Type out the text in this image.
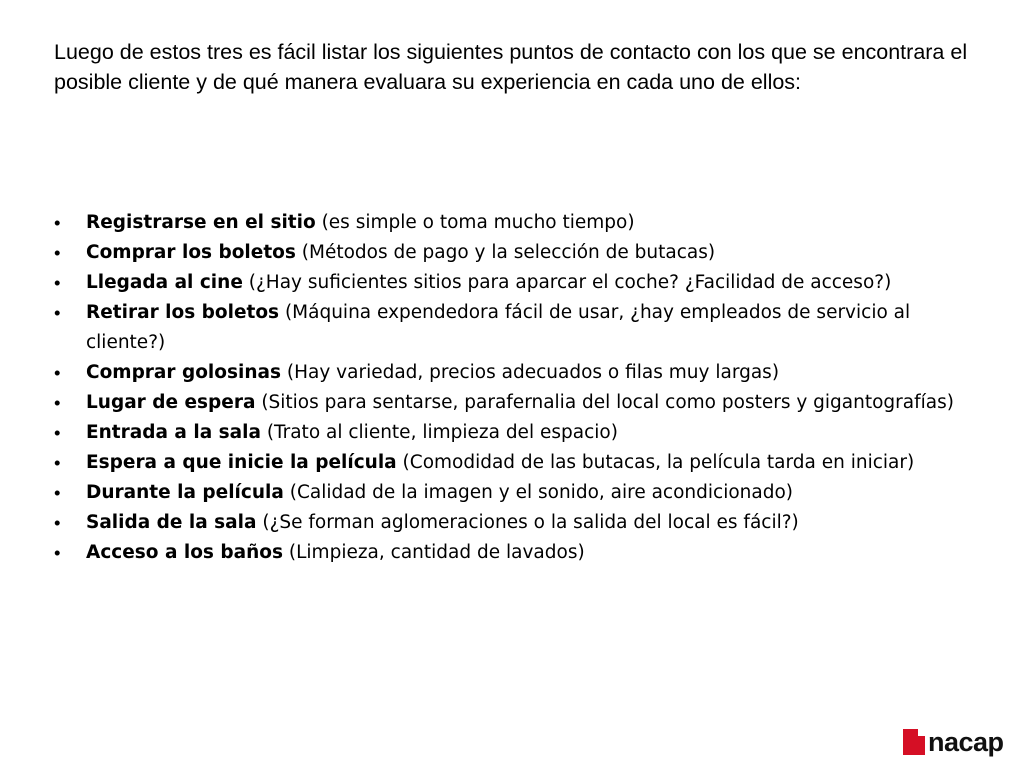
Luego de estos tres es fácil listar los siguientes puntos de contacto con los que se encontrara el posible cliente y de qué manera evaluara su experiencia en cada uno de ellos:

• Registrarse en el sitio (es simple o toma mucho tiempo)
• Comprar los boletos (Métodos de pago y la selección de butacas)
• Llegada al cine (¿Hay suficientes sitios para aparcar el coche? ¿Facilidad de acceso?)
• Retirar los boletos (Máquina expendedora fácil de usar, ¿hay empleados de servicio al cliente?)
• Comprar golosinas (Hay variedad, precios adecuados o filas muy largas)
• Lugar de espera (Sitios para sentarse, parafernalia del local como posters y gigantografías)
• Entrada a la sala (Trato al cliente, limpieza del espacio)
• Espera a que inicie la película (Comodidad de las butacas, la película tarda en iniciar)
• Durante la película (Calidad de la imagen y el sonido, aire acondicionado)
• Salida de la sala (¿Se forman aglomeraciones o la salida del local es fácil?)
• Acceso a los baños (Limpieza, cantidad de lavados)
nacap
